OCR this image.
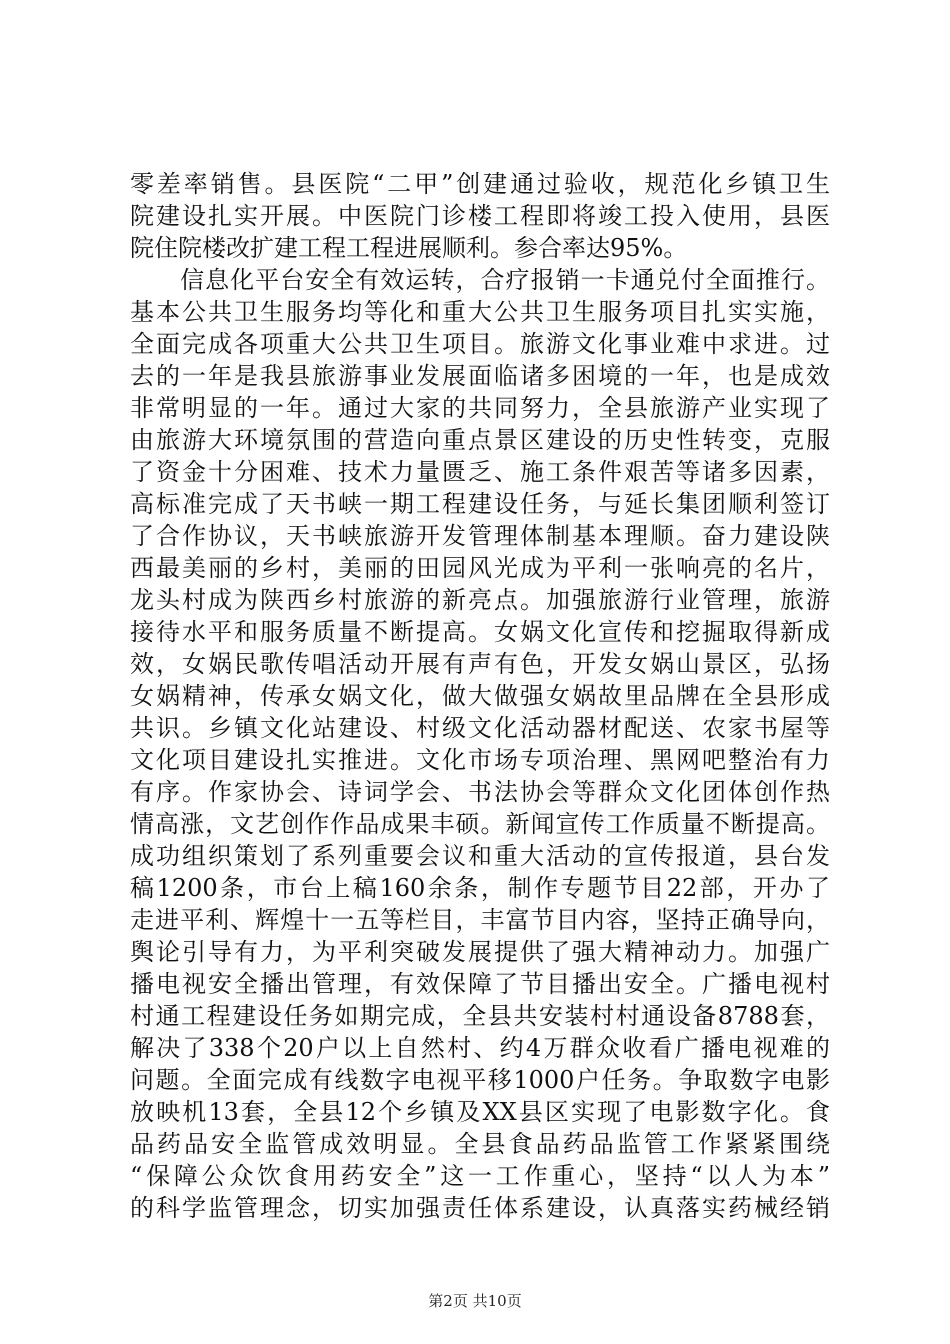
零差率销售。县医院“二甲”创建通过验收，规范化乡镇卫生
院建设扎实开展。中医院门诊楼工程即将竣工投入使用，县医
院住院楼改扩建工程工程进展顺利。参合率达95%。
　　信息化平台安全有效运转，合疗报销一卡通兑付全面推行。
基本公共卫生服务均等化和重大公共卫生服务项目扎实实施，
全面完成各项重大公共卫生项目。旅游文化事业难中求进。过
去的一年是我县旅游事业发展面临诸多困境的一年，也是成效
非常明显的一年。通过大家的共同努力，全县旅游产业实现了
由旅游大环境氛围的营造向重点景区建设的历史性转变，克服
了资金十分困难、技术力量匮乏、施工条件艰苦等诸多因素，
高标准完成了天书峡一期工程建设任务，与延长集团顺利签订
了合作协议，天书峡旅游开发管理体制基本理顺。奋力建设陕
西最美丽的乡村，美丽的田园风光成为平利一张响亮的名片，
龙头村成为陕西乡村旅游的新亮点。加强旅游行业管理，旅游
接待水平和服务质量不断提高。女娲文化宣传和挖掘取得新成
效，女娲民歌传唱活动开展有声有色，开发女娲山景区，弘扬
女娲精神，传承女娲文化，做大做强女娲故里品牌在全县形成
共识。乡镇文化站建设、村级文化活动器材配送、农家书屋等
文化项目建设扎实推进。文化市场专项治理、黑网吧整治有力
有序。作家协会、诗词学会、书法协会等群众文化团体创作热
情高涨，文艺创作作品成果丰硕。新闻宣传工作质量不断提高。
成功组织策划了系列重要会议和重大活动的宣传报道，县台发
稿1200条，市台上稿160余条，制作专题节目22部，开办了
走进平利、辉煌十一五等栏目，丰富节目内容，坚持正确导向，
舆论引导有力，为平利突破发展提供了强大精神动力。加强广
播电视安全播出管理，有效保障了节目播出安全。广播电视村
村通工程建设任务如期完成，全县共安装村村通设备8788套，
解决了338个20户以上自然村、约4万群众收看广播电视难的
问题。全面完成有线数字电视平移1000户任务。争取数字电影
放映机13套，全县12个乡镇及XX县区实现了电影数字化。食
品药品安全监管成效明显。全县食品药品监管工作紧紧围绕
“保障公众饮食用药安全”这一工作重心，坚持“以人为本”
的科学监管理念，切实加强责任体系建设，认真落实药械经销
第2页 共10页
